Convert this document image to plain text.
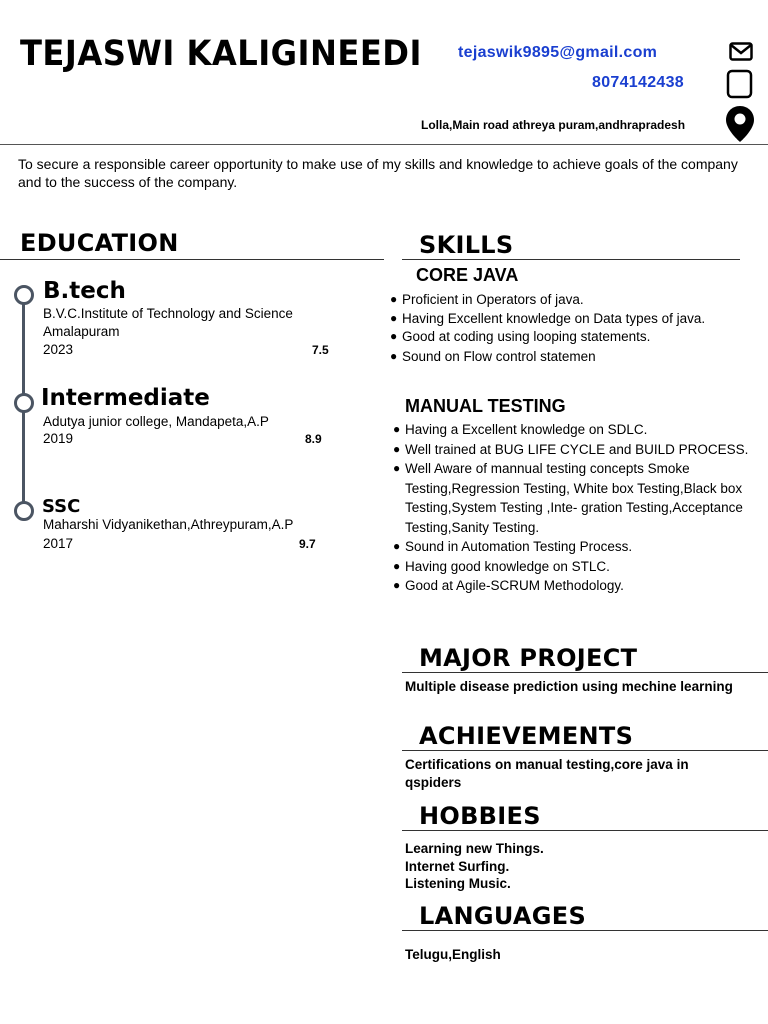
TEJASWI KALIGINEEDI tejaswik9895@gmail.com
8074142438
Lolla,Main road athreya puram,andhrapradesh
To secure a responsible career opportunity to make use of my skills and knowledge to achieve goals of the company and to the success of the company.
EDUCATION
B.tech
B.V.C.Institute of Technology and Science
Amalapuram
2023	7.5
Intermediate
Adutya junior college, Mandapeta,A.P
2019	8.9
SSC
Maharshi Vidyanikethan,Athreypuram,A.P
2017	9.7
SKILLS
CORE JAVA
● Proficient in Operators of java.
● Having Excellent knowledge on Data types of java.
● Good at coding using looping statements.
● Sound on Flow control statemen
MANUAL TESTING
● Having a Excellent knowledge on SDLC.
● Well trained at BUG LIFE CYCLE and BUILD PROCESS.
● Well Aware of mannual testing concepts Smoke Testing,Regression Testing, White box Testing,Black box Testing,System Testing ,Inte- gration Testing,Acceptance Testing,Sanity Testing.
● Sound in Automation Testing Process.
● Having good knowledge on STLC.
● Good at Agile-SCRUM Methodology.
MAJOR PROJECT
Multiple disease prediction using mechine learning
ACHIEVEMENTS
Certifications on manual testing,core java in qspiders
HOBBIES
Learning new Things.
Internet Surfing.
Listening Music.
LANGUAGES
Telugu,English
